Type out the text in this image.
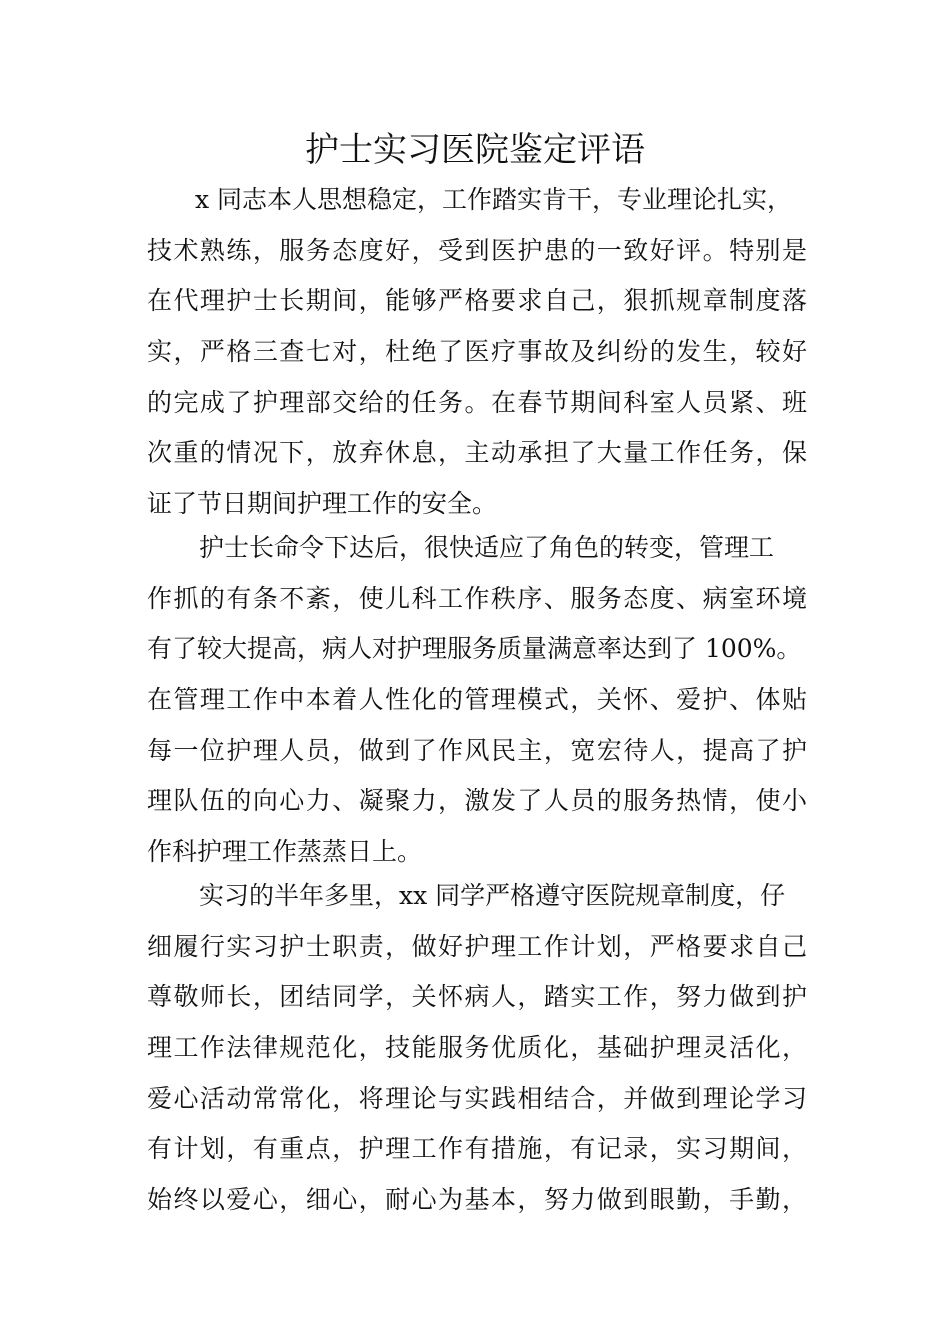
护士实习医院鉴定评语
x 同志本人思想稳定，工作踏实肯干，专业理论扎实，
技术熟练，服务态度好，受到医护患的一致好评。特别是
在代理护士长期间，能够严格要求自己，狠抓规章制度落
实，严格三查七对，杜绝了医疗事故及纠纷的发生，较好
的完成了护理部交给的任务。在春节期间科室人员紧、班
次重的情况下，放弃休息，主动承担了大量工作任务，保
证了节日期间护理工作的安全。
护士长命令下达后，很快适应了角色的转变，管理工
作抓的有条不紊，使儿科工作秩序、服务态度、病室环境
有了较大提高，病人对护理服务质量满意率达到了 100%。
在管理工作中本着人性化的管理模式，关怀、爱护、体贴
每一位护理人员，做到了作风民主，宽宏待人，提高了护
理队伍的向心力、凝聚力，激发了人员的服务热情，使小
作科护理工作蒸蒸日上。
实习的半年多里，xx 同学严格遵守医院规章制度，仔
细履行实习护士职责，做好护理工作计划，严格要求自己
尊敬师长，团结同学，关怀病人，踏实工作，努力做到护
理工作法律规范化，技能服务优质化，基础护理灵活化，
爱心活动常常化，将理论与实践相结合，并做到理论学习
有计划，有重点，护理工作有措施，有记录，实习期间，
始终以爱心，细心，耐心为基本，努力做到眼勤，手勤，
